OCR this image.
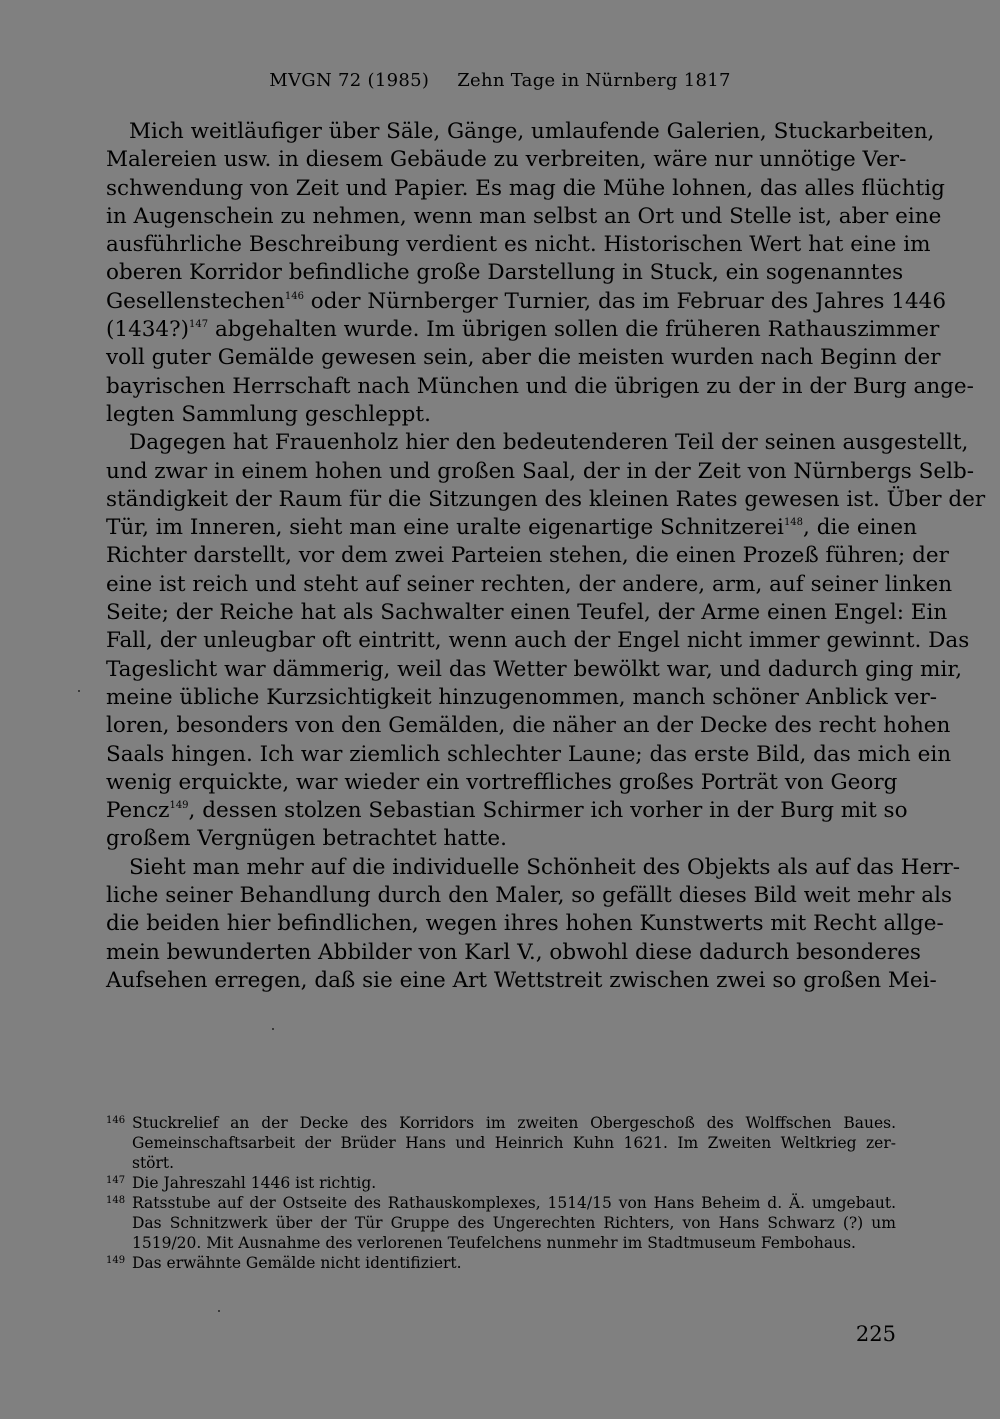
MVGN 72 (1985) Zehn Tage in Nürnberg 1817
Mich weitläufiger über Säle, Gänge, umlaufende Galerien, Stuckarbeiten,
Malereien usw. in diesem Gebäude zu verbreiten, wäre nur unnötige Ver-
schwendung von Zeit und Papier. Es mag die Mühe lohnen, das alles flüchtig
in Augenschein zu nehmen, wenn man selbst an Ort und Stelle ist, aber eine
ausführliche Beschreibung verdient es nicht. Historischen Wert hat eine im
oberen Korridor befindliche große Darstellung in Stuck, ein sogenanntes
Gesellenstechen$^{146}$ oder Nürnberger Turnier, das im Februar des Jahres 1446
(1434?)$^{147}$ abgehalten wurde. Im übrigen sollen die früheren Rathauszimmer
voll guter Gemälde gewesen sein, aber die meisten wurden nach Beginn der
bayrischen Herrschaft nach München und die übrigen zu der in der Burg ange-
legten Sammlung geschleppt.
Dagegen hat Frauenholz hier den bedeutenderen Teil der seinen ausgestellt,
und zwar in einem hohen und großen Saal, der in der Zeit von Nürnbergs Selb-
ständigkeit der Raum für die Sitzungen des kleinen Rates gewesen ist. Über der
Tür, im Inneren, sieht man eine uralte eigenartige Schnitzerei$^{148}$, die einen
Richter darstellt, vor dem zwei Parteien stehen, die einen Prozeß führen; der
eine ist reich und steht auf seiner rechten, der andere, arm, auf seiner linken
Seite; der Reiche hat als Sachwalter einen Teufel, der Arme einen Engel: Ein
Fall, der unleugbar oft eintritt, wenn auch der Engel nicht immer gewinnt. Das
Tageslicht war dämmerig, weil das Wetter bewölkt war, und dadurch ging mir,
meine übliche Kurzsichtigkeit hinzugenommen, manch schöner Anblick ver-
loren, besonders von den Gemälden, die näher an der Decke des recht hohen
Saals hingen. Ich war ziemlich schlechter Laune; das erste Bild, das mich ein
wenig erquickte, war wieder ein vortreffliches großes Porträt von Georg
Pencz$^{149}$, dessen stolzen Sebastian Schirmer ich vorher in der Burg mit so
großem Vergnügen betrachtet hatte.
Sieht man mehr auf die individuelle Schönheit des Objekts als auf das Herr-
liche seiner Behandlung durch den Maler, so gefällt dieses Bild weit mehr als
die beiden hier befindlichen, wegen ihres hohen Kunstwerts mit Recht allge-
mein bewunderten Abbilder von Karl V., obwohl diese dadurch besonderes
Aufsehen erregen, daß sie eine Art Wettstreit zwischen zwei so großen Mei-
146 Stuckrelief an der Decke des Korridors im zweiten Obergeschoß des Wolffschen Baues.
Gemeinschaftsarbeit der Brüder Hans und Heinrich Kuhn 1621. Im Zweiten Weltkrieg zer-
stört.
147 Die Jahreszahl 1446 ist richtig.
148 Ratsstube auf der Ostseite des Rathauskomplexes, 1514/15 von Hans Beheim d. Ä. umgebaut.
Das Schnitzwerk über der Tür Gruppe des Ungerechten Richters, von Hans Schwarz (?) um
1519/20. Mit Ausnahme des verlorenen Teufelchens nunmehr im Stadtmuseum Fembohaus.
149 Das erwähnte Gemälde nicht identifiziert.
225
